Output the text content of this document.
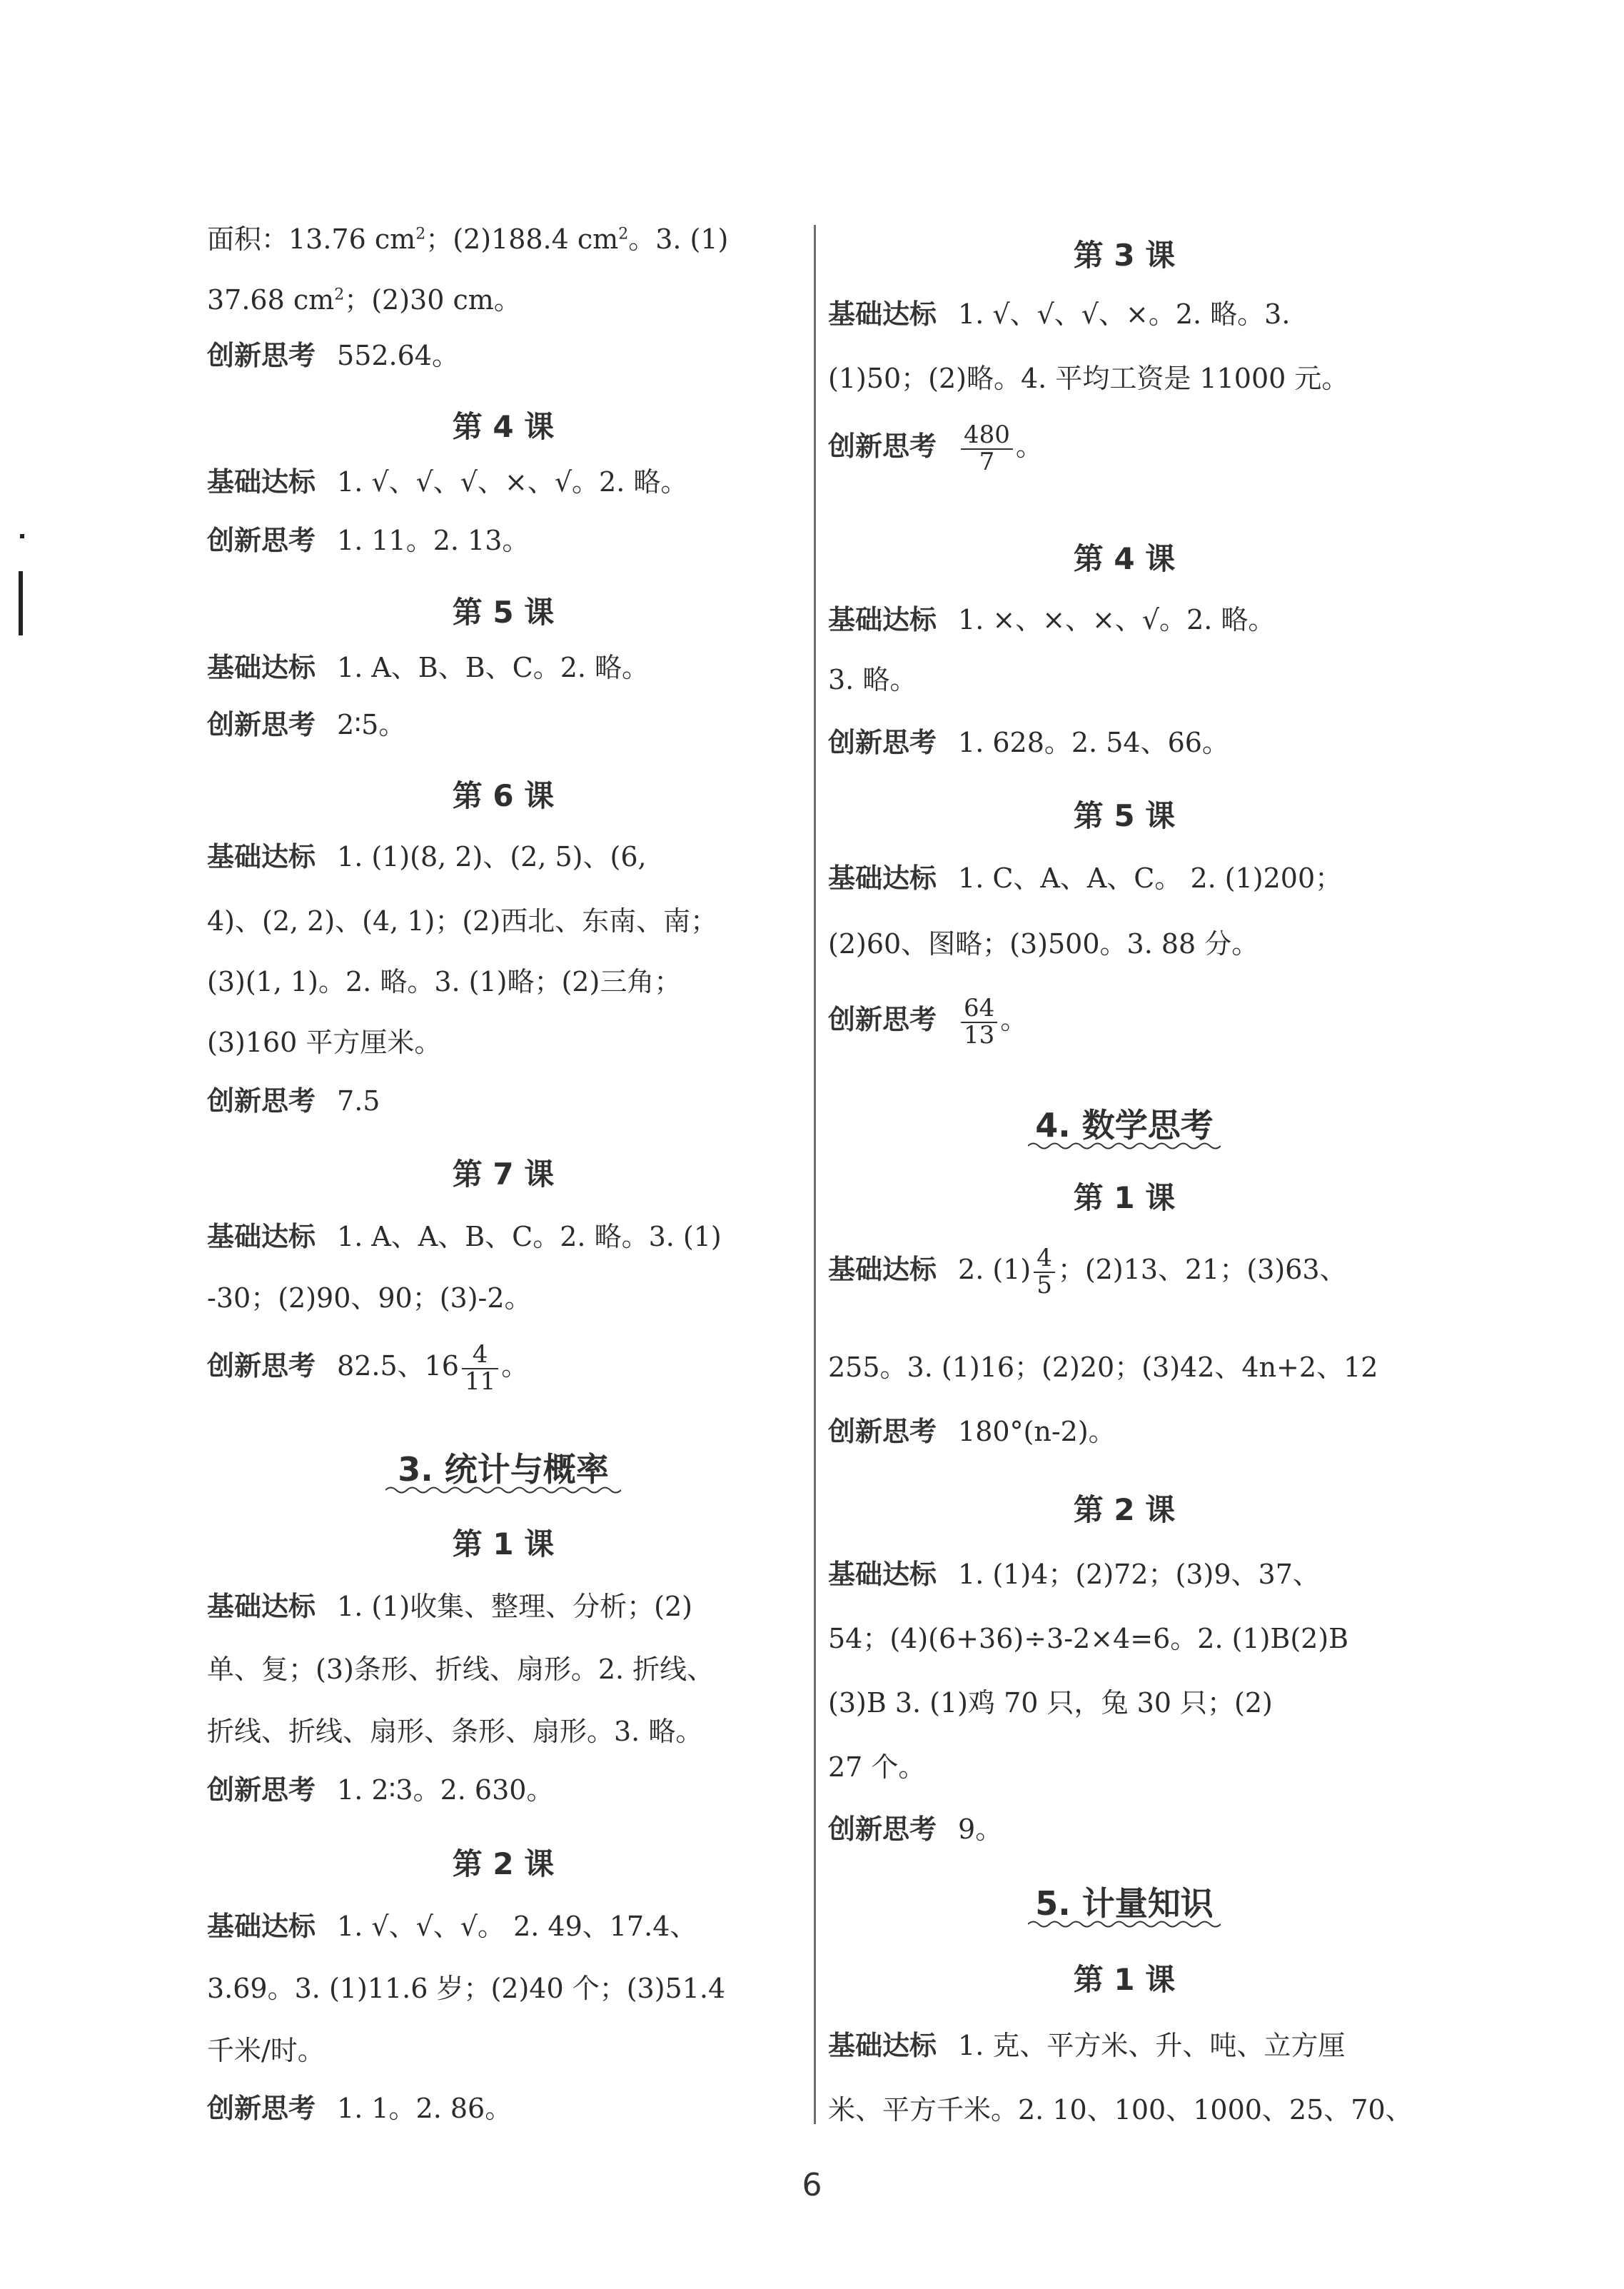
面积：13.76 $cm^2$；(2)188.4 $cm^2$。3. (1)
37.68 $cm^2$；(2)30 cm。
创新思考 552.64。
第 4 课
基础达标 1. √、√、√、×、√。2. 略。
创新思考 1. 11。2. 13。
第 5 课
基础达标 1. A、B、B、C。2. 略。
创新思考 2∶5。
第 6 课
基础达标 1. (1)(8, 2)、(2, 5)、(6,
4)、(2, 2)、(4, 1)；(2)西北、东南、南；
(3)(1, 1)。2. 略。3. (1)略；(2)三角；
(3)160 平方厘米。
创新思考 7.5
第 7 课
基础达标 1. A、A、B、C。2. 略。3. (1)
-30；(2)90、90；(3)-2。
创新思考 82.5、$16 \frac{4}{11}$ 。
3. 统计与概率
第 1 课
基础达标 1. (1)收集、整理、分析；(2)
单、复；(3)条形、折线、扇形。2. 折线、
折线、折线、扇形、条形、扇形。3. 略。
创新思考 1. 2∶3。2. 630。
第 2 课
基础达标 1. √、√、√。 2. 49、17.4、
3.69。3. (1)11.6 岁；(2)40 个；(3)51.4
千米/时。
创新思考 1. 1。2. 86。
第 3 课
基础达标 1. √、√、√、×。2. 略。3.
(1)50；(2)略。4. 平均工资是 11000 元。
创新思考 $\frac{480}{7}$ 。
第 4 课
基础达标 1. ×、×、×、√。2. 略。
3. 略。
创新思考 1. 628。2. 54、66。
第 5 课
基础达标 1. C、A、A、C。 2. (1)200；
(2)60、图略；(3)500。3. 88 分。
创新思考 $\frac{64}{13}$ 。
4. 数学思考
第 1 课
基础达标 2. $(1) \frac{4}{5}$ ；(2)13、21；(3)63、
255。3. (1)16；(2)20；(3)42、4n+2、12
创新思考 180°(n-2)。
第 2 课
基础达标 1. (1)4；(2)72；(3)9、37、
54；(4)(6+36)÷3-2×4=6。2. (1)B(2)B
(3)B 3. (1)鸡 70 只，兔 30 只；(2)
27 个。
创新思考 9。
5. 计量知识
第 1 课
基础达标 1. 克、平方米、升、吨、立方厘
米、平方千米。2. 10、100、1000、25、70、
6
